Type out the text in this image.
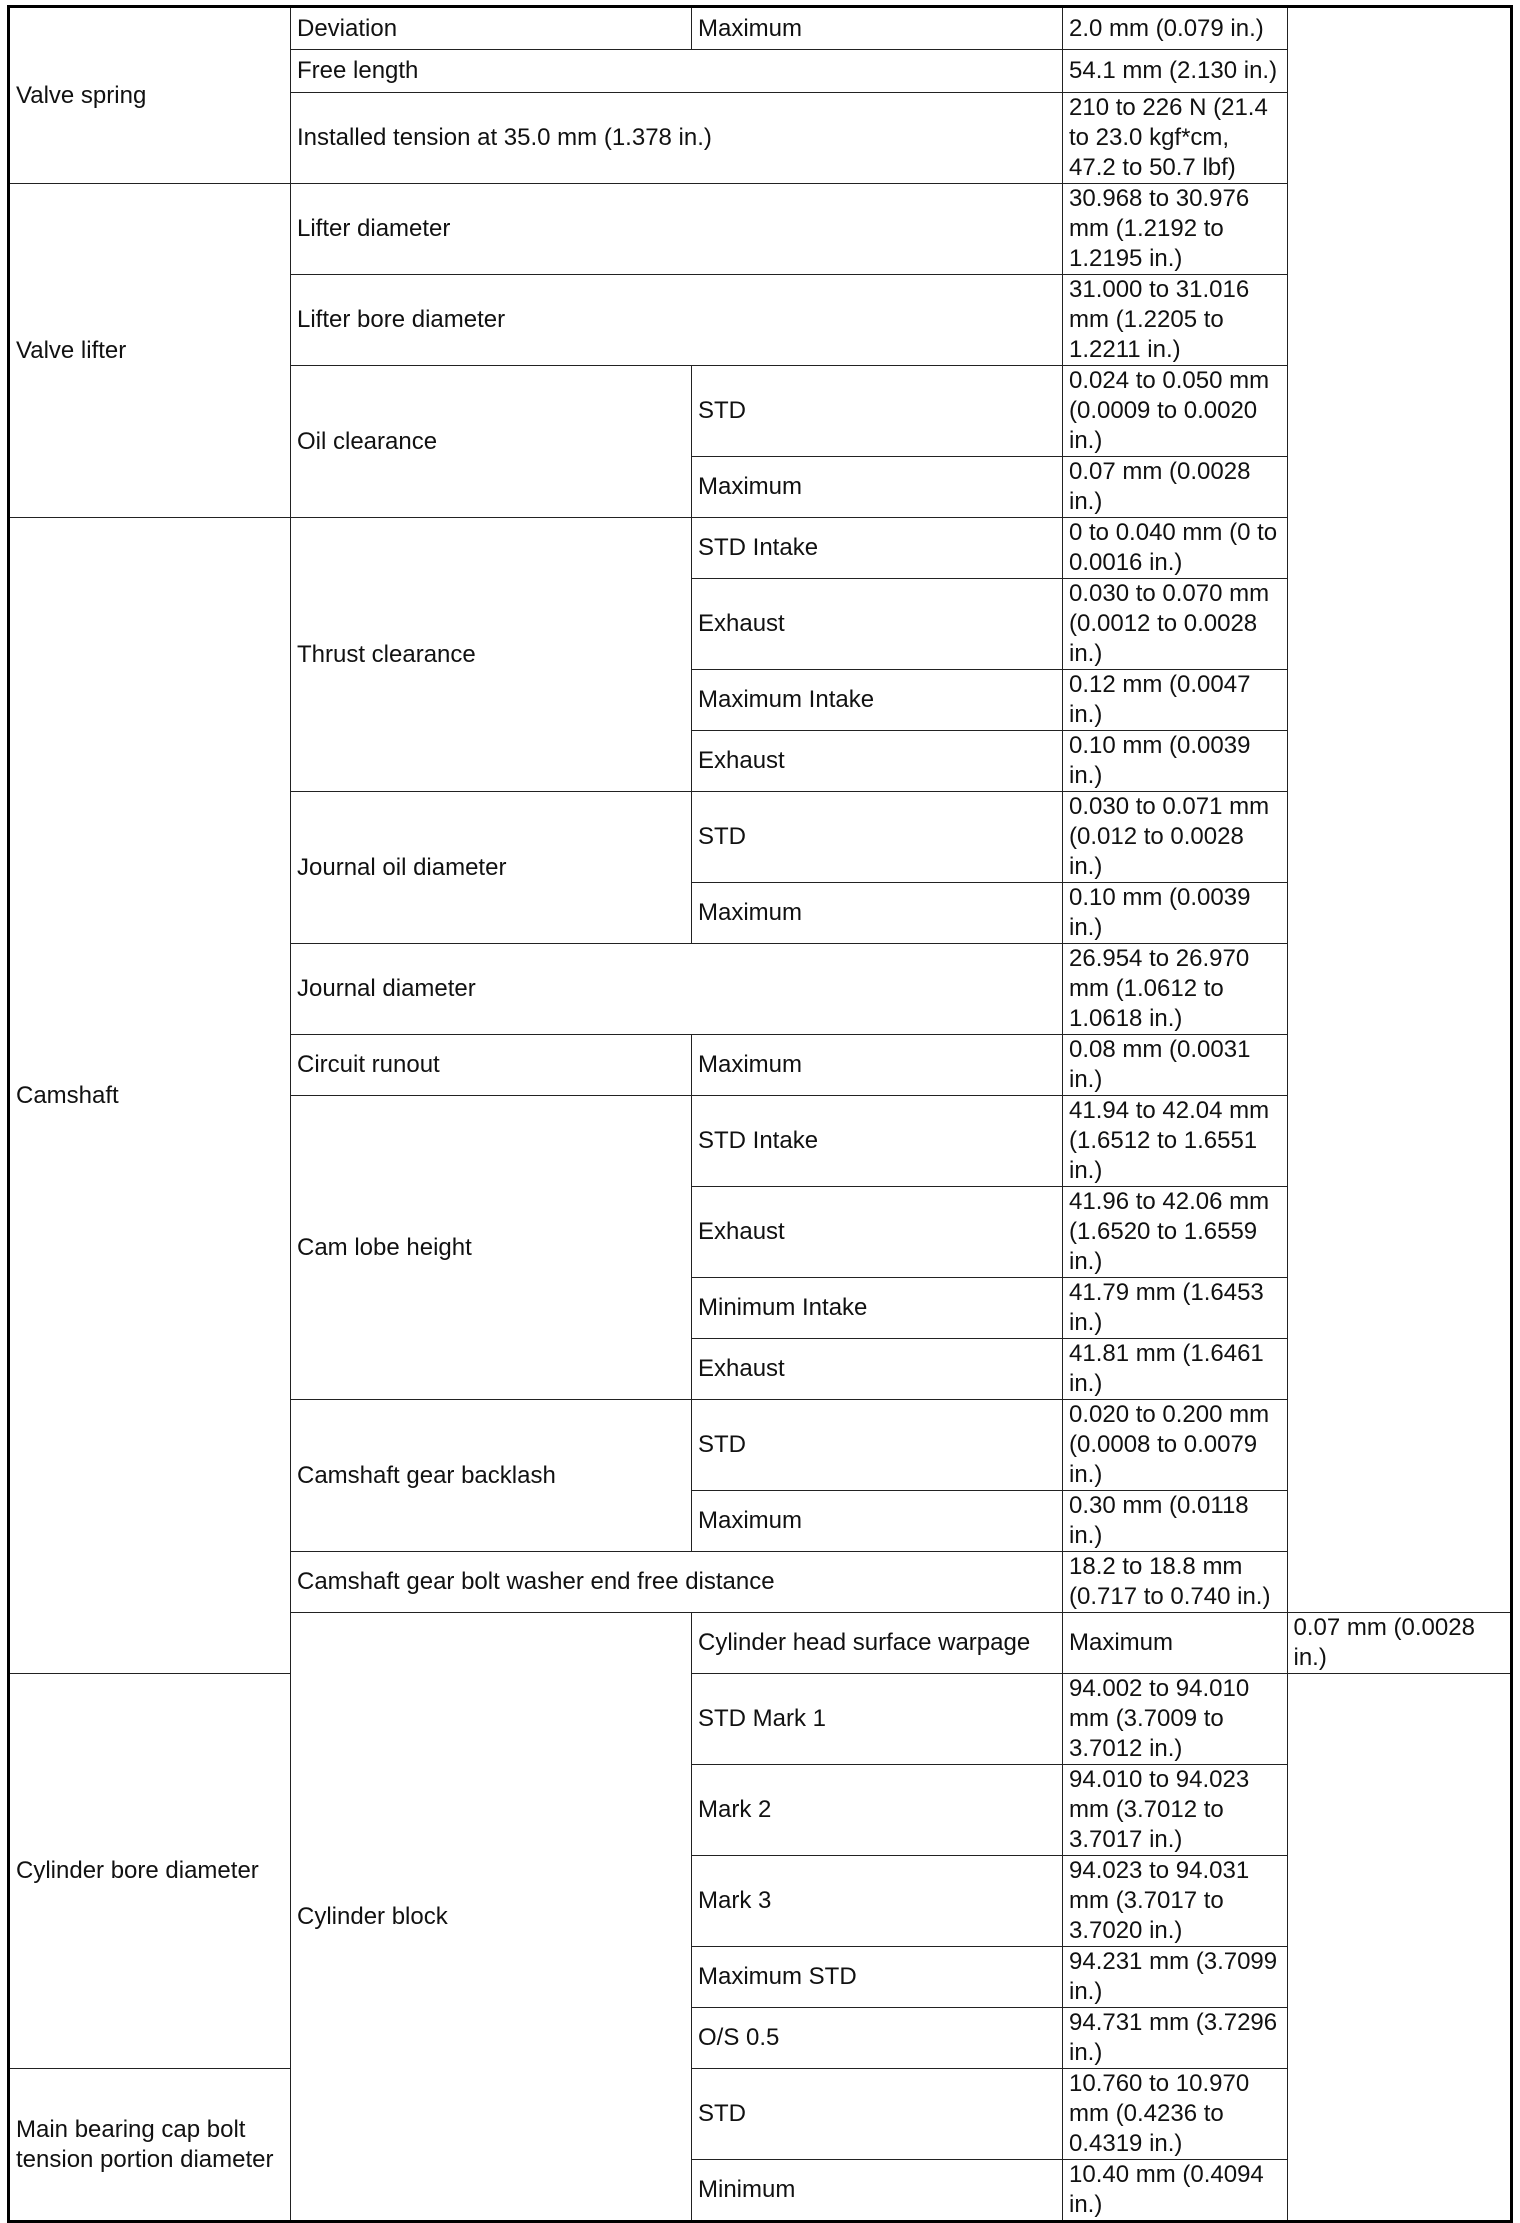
Valve spring	Deviation	Maximum	2.0 mm (0.079 in.)	
	Free length		54.1 mm (2.130 in.)	
	Installed tension at 35.0 mm (1.378 in.)		210 to 226 N (21.4 to 23.0 kgf*cm, 47.2 to 50.7 lbf)	
Valve lifter	Lifter diameter		30.968 to 30.976 mm (1.2192 to 1.2195 in.)	
	Lifter bore diameter		31.000 to 31.016 mm (1.2205 to 1.2211 in.)	
	Oil clearance	STD	0.024 to 0.050 mm (0.0009 to 0.0020 in.)	
		Maximum	0.07 mm (0.0028 in.)	
Camshaft	Thrust clearance	STD Intake	0 to 0.040 mm (0 to 0.0016 in.)	
		Exhaust	0.030 to 0.070 mm (0.0012 to 0.0028 in.)	
		Maximum Intake	0.12 mm (0.0047 in.)	
		Exhaust	0.10 mm (0.0039 in.)	
	Journal oil diameter	STD	0.030 to 0.071 mm (0.012 to 0.0028 in.)	
		Maximum	0.10 mm (0.0039 in.)	
	Journal diameter		26.954 to 26.970 mm (1.0612 to 1.0618 in.)	
	Circuit runout	Maximum	0.08 mm (0.0031 in.)	
	Cam lobe height	STD Intake	41.94 to 42.04 mm (1.6512 to 1.6551 in.)	
		Exhaust	41.96 to 42.06 mm (1.6520 to 1.6559 in.)	
		Minimum Intake	41.79 mm (1.6453 in.)	
		Exhaust	41.81 mm (1.6461 in.)	
	Camshaft gear backlash	STD	0.020 to 0.200 mm (0.0008 to 0.0079 in.)	
		Maximum	0.30 mm (0.0118 in.)	
	Camshaft gear bolt washer end free distance		18.2 to 18.8 mm (0.717 to 0.740 in.)	
	Cylinder block	Cylinder head surface warpage	Maximum	0.07 mm (0.0028 in.)
Cylinder bore diameter		STD Mark 1	94.002 to 94.010 mm (3.7009 to 3.7012 in.)	
		Mark 2	94.010 to 94.023 mm (3.7012 to 3.7017 in.)	
		Mark 3	94.023 to 94.031 mm (3.7017 to 3.7020 in.)	
		Maximum STD	94.231 mm (3.7099 in.)	
		O/S 0.5	94.731 mm (3.7296 in.)	
Main bearing cap bolt tension portion diameter		STD	10.760 to 10.970 mm (0.4236 to 0.4319 in.)	
		Minimum	10.40 mm (0.4094 in.)	
